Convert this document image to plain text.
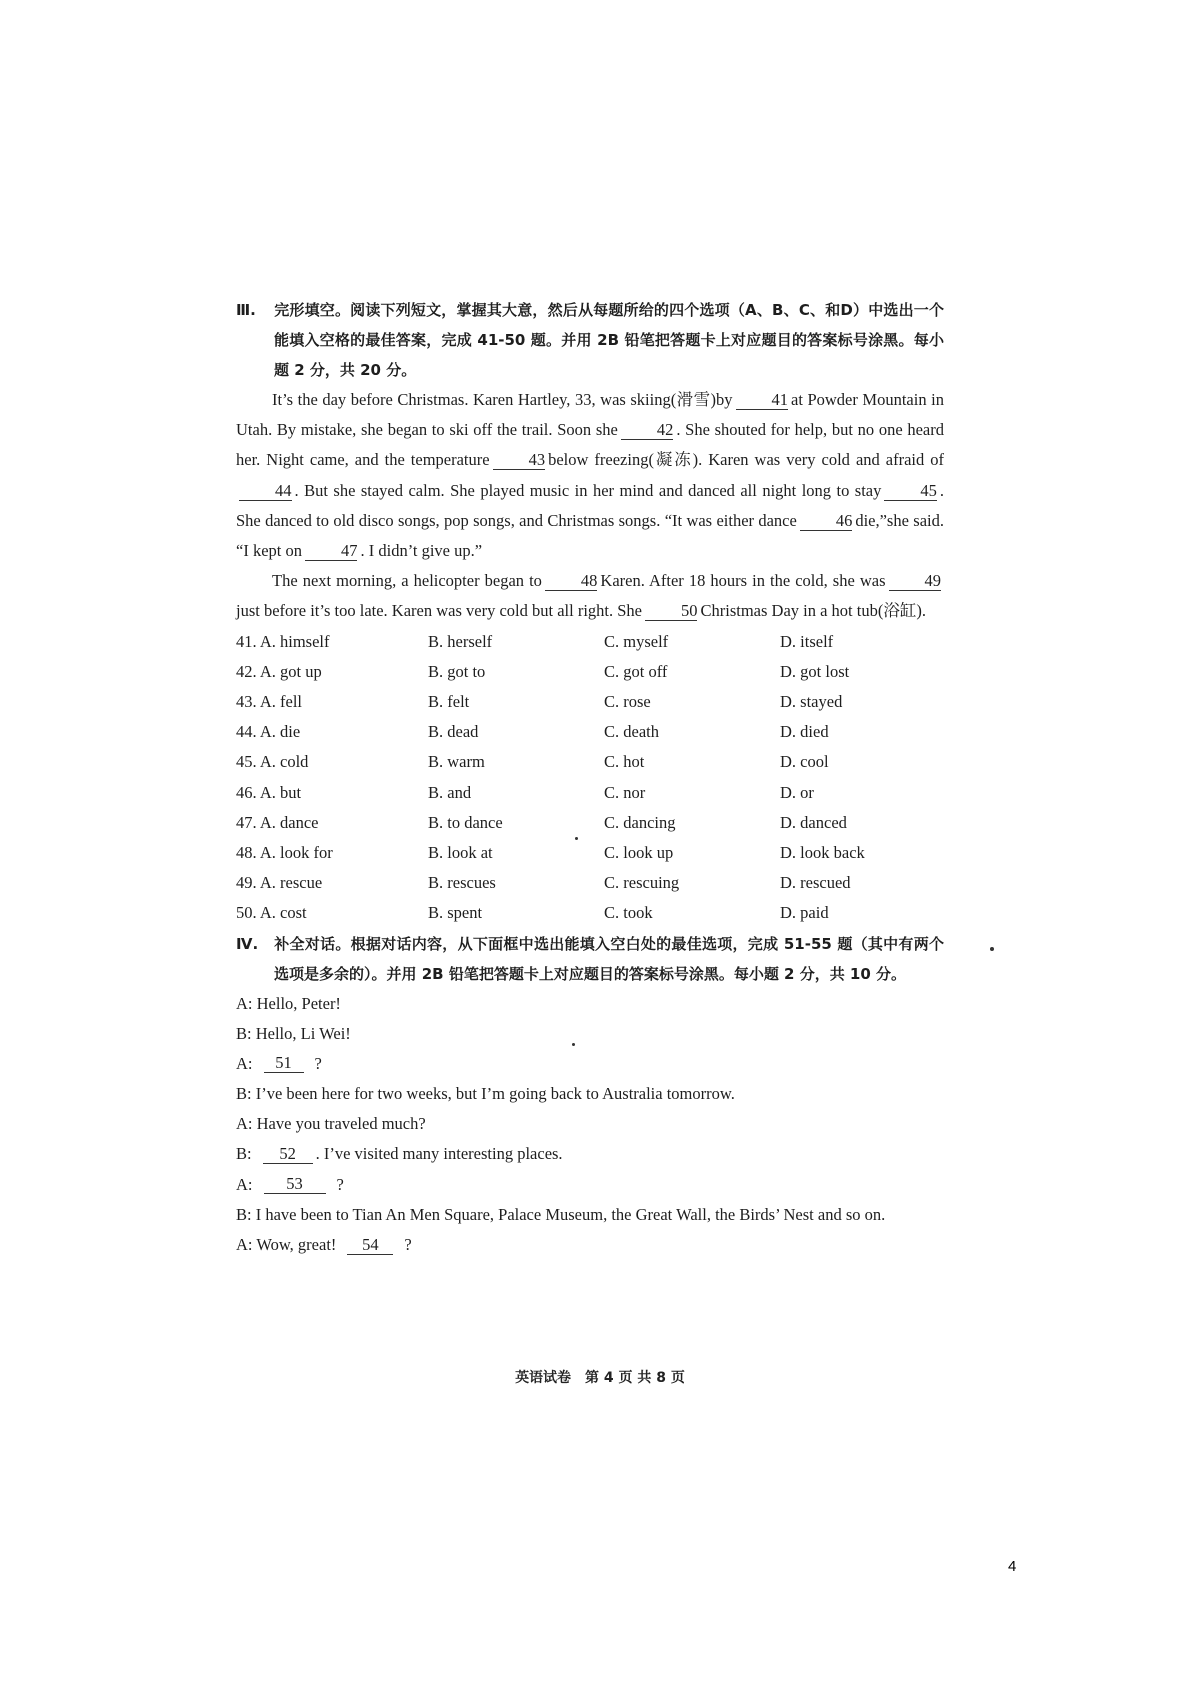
Ⅲ. 完形填空。阅读下列短文，掌握其大意，然后从每题所给的四个选项（A、B、C、和D）中选出一个能填入空格的最佳答案，完成 41-50 题。并用 2B 铅笔把答题卡上对应题目的答案标号涂黑。每小题 2 分，共 20 分。

It’s the day before Christmas. Karen Hartley, 33, was skiing(滑雪)by 41 at Powder Mountain in Utah. By mistake, she began to ski off the trail. Soon she 42 . She shouted for help, but no one heard her. Night came, and the temperature 43 below freezing(凝冻). Karen was very cold and afraid of44 . But she stayed calm. She played music in her mind and danced all night long to stay 45 . She danced to old disco songs, pop songs, and Christmas songs. “It was either dance 46 die,”she said. “I kept on 47 . I didn’t give up.”

The next morning, a helicopter began to 48 Karen. After 18 hours in the cold, she was 49just before it’s too late. Karen was very cold but all right. She 50 Christmas Day in a hot tub(浴缸).

41. A. himself	B. herself	C. myself	D. itself
42. A. got up	B. got to	C. got off	D. got lost
43. A. fell	B. felt	C. rose	D. stayed
44. A. die	B. dead	C. death	D. died
45. A. cold	B. warm	C. hot	D. cool
46. A. but	B. and	C. nor	D. or
47. A. dance	B. to dance	C. dancing	D. danced
48. A. look for	B. look at	C. look up	D. look back
49. A. rescue	B. rescues	C. rescuing	D. rescued
50. A. cost	B. spent	C. took	D. paid
Ⅳ. 补全对话。根据对话内容，从下面框中选出能填入空白处的最佳选项，完成 51-55 题（其中有两个选项是多余的）。并用 2B 铅笔把答题卡上对应题目的答案标号涂黑。每小题 2 分，共 10 分。
A: Hello, Peter!
B: Hello, Li Wei!
A:	51	?
B: I’ve been here for two weeks, but I’m going back to Australia tomorrow.
A: Have you traveled much?
B:	52	. I’ve visited many interesting places.
A:	53	?
B: I have been to Tian An Men Square, Palace Museum, the Great Wall, the Birds’ Nest and so on.
A: Wow, great!	54	?
英语试卷　第 4 页 共 8 页
4
